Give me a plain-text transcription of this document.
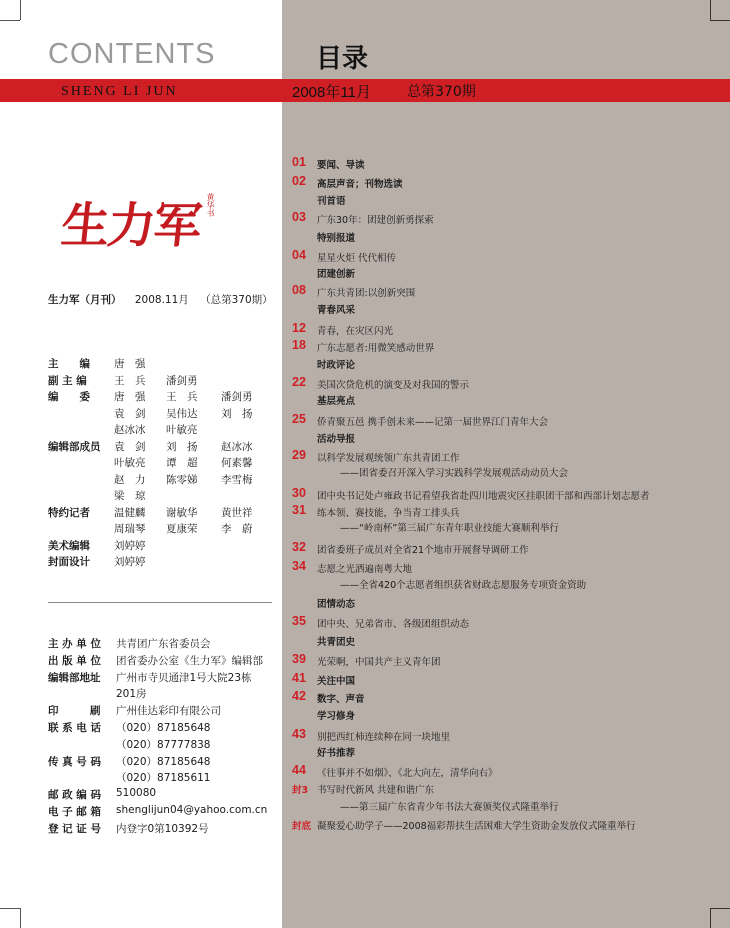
CONTENTS	目录
SHENG LI JUN	2008年11月	总第370期
生力军 黄华书
生力军（月刊） 2008.11月 （总第370期）
主　　编 唐　强
副 主 编	王　兵 潘剑勇
编　　委 唐　强 王　兵 潘剑勇
袁　剑 吴伟达 刘　扬
赵冰冰 叶敏亮
编辑部成员 袁　剑 刘　扬 赵冰冰
叶敏亮 谭　超 何素馨
赵　力 陈零娣 李雪梅
梁　琼
特约记者 温健麟 谢敏华 黄世祥
周瑞琴 夏康荣 李　蔚
美术编辑 刘婷婷
封面设计 刘婷婷
主 办 单 位 共青团广东省委员会
出 版 单 位 团省委办公室《生力军》编辑部
编辑部地址 广州市寺贝通津1号大院23栋
201房
印　　　刷 广州佳达彩印有限公司
联 系 电 话 （020）87185648
（020）87777838
传 真 号 码 （020）87185648
（020）87185611
邮 政 编 码 510080
电 子 邮 箱 shenglijun04@yahoo.com.cn
登 记 证 号 内登字0第10392号
01 要闻、导读
02 高层声音；刊物选读
刊首语
03 广东30年：团建创新勇探索
特别报道
04 星星火炬 代代相传
团建创新
08 广东共青团:以创新突围
青春风采
12 青春，在灾区闪光
18 广东志愿者:用微笑感动世界
时政评论
22 美国次贷危机的演变及对我国的警示
基层亮点
25 侨青聚五邑 携手创未来——记第一届世界江门青年大会
活动导报
29 以科学发展观统领广东共青团工作
——团省委召开深入学习实践科学发展观活动动员大会
30 团中央书记处卢雍政书记看望我省赴四川地震灾区挂职团干部和西部计划志愿者
31 练本领、赛技能，争当青工排头兵
——“岭南杯”第三届广东青年职业技能大赛顺利举行
32 团省委班子成员对全省21个地市开展督导调研工作
34 志愿之光洒遍南粤大地
——全省420个志愿者组织获省财政志愿服务专项资金资助
团情动态
35 团中央、兄弟省市、各级团组织动态
共青团史
39 光荣啊，中国共产主义青年团
41 关注中国
42 数字、声音
学习修身
43 别把西红柿连续种在同一块地里
好书推荐
44 《往事并不如烟》、《北大向左，清华向右》
封3 书写时代新风 共建和谐广东
——第三届广东省青少年书法大赛颁奖仪式隆重举行
封底 凝聚爱心助学子——2008福彩帮扶生活困难大学生资助金发放仪式隆重举行
